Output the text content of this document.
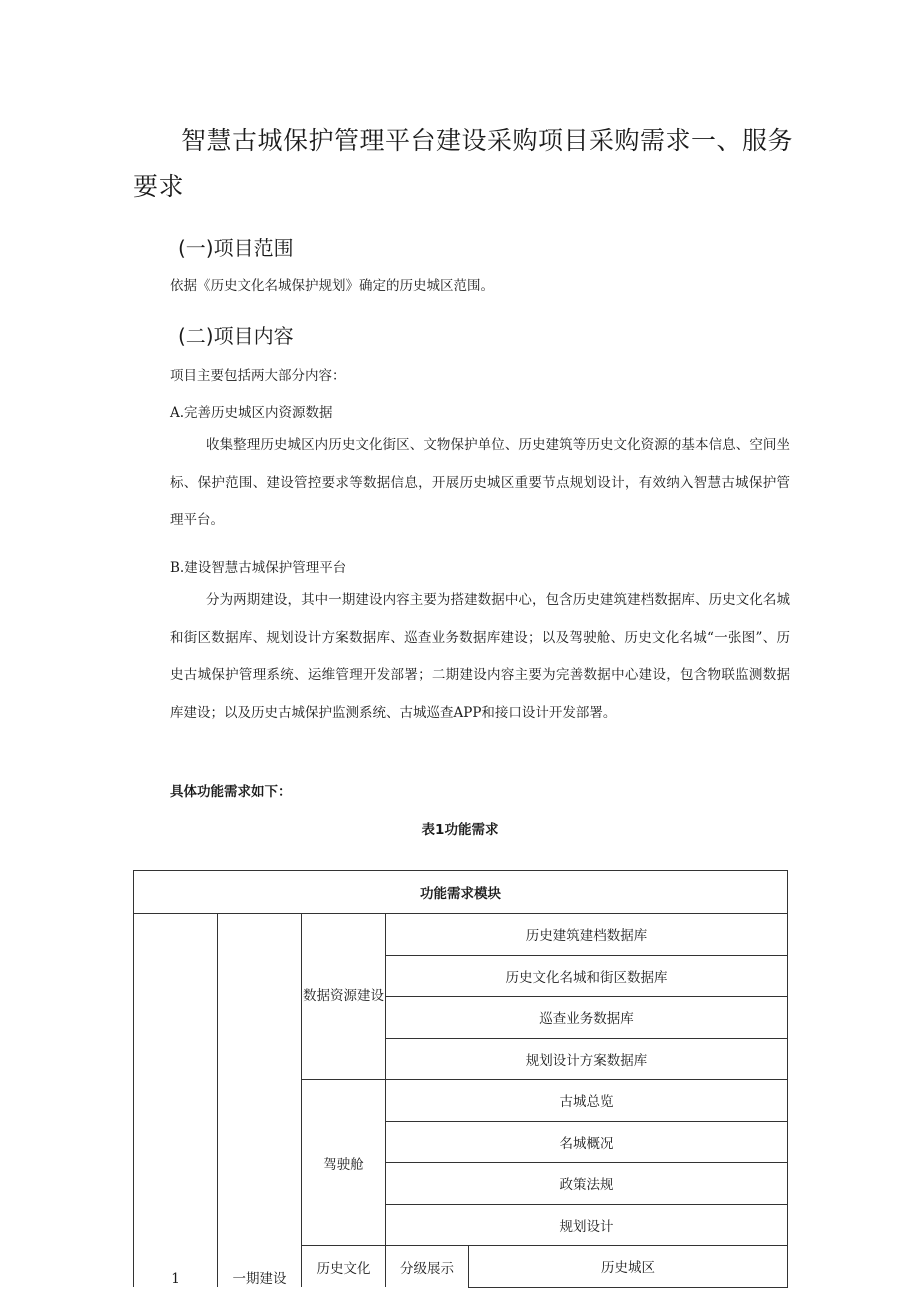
智慧古城保护管理平台建设采购项目采购需求一、服务要求
(一)项目范围

依据《历史文化名城保护规划》确定的历史城区范围。

(二)项目内容

项目主要包括两大部分内容：

A.完善历史城区内资源数据

收集整理历史城区内历史文化街区、文物保护单位、历史建筑等历史文化资源的基本信息、空间坐标、保护范围、建设管控要求等数据信息，开展历史城区重要节点规划设计，有效纳入智慧古城保护管理平台。

B.建设智慧古城保护管理平台

分为两期建设，其中一期建设内容主要为搭建数据中心，包含历史建筑建档数据库、历史文化名城和街区数据库、规划设计方案数据库、巡查业务数据库建设；以及驾驶舱、历史文化名城“一张图”、历史古城保护管理系统、运维管理开发部署；二期建设内容主要为完善数据中心建设，包含物联监测数据库建设；以及历史古城保护监测系统、古城巡查APP和接口设计开发部署。

具体功能需求如下：

表1功能需求
功能需求模块				
1	一期建设	数据资源建设	历史建筑建档数据库	
			历史文化名城和街区数据库	
			巡查业务数据库	
			规划设计方案数据库	
		驾驶舱	古城总览	
			名城概况	
			政策法规	
			规划设计	
		历史文化	分级展示	历史城区
